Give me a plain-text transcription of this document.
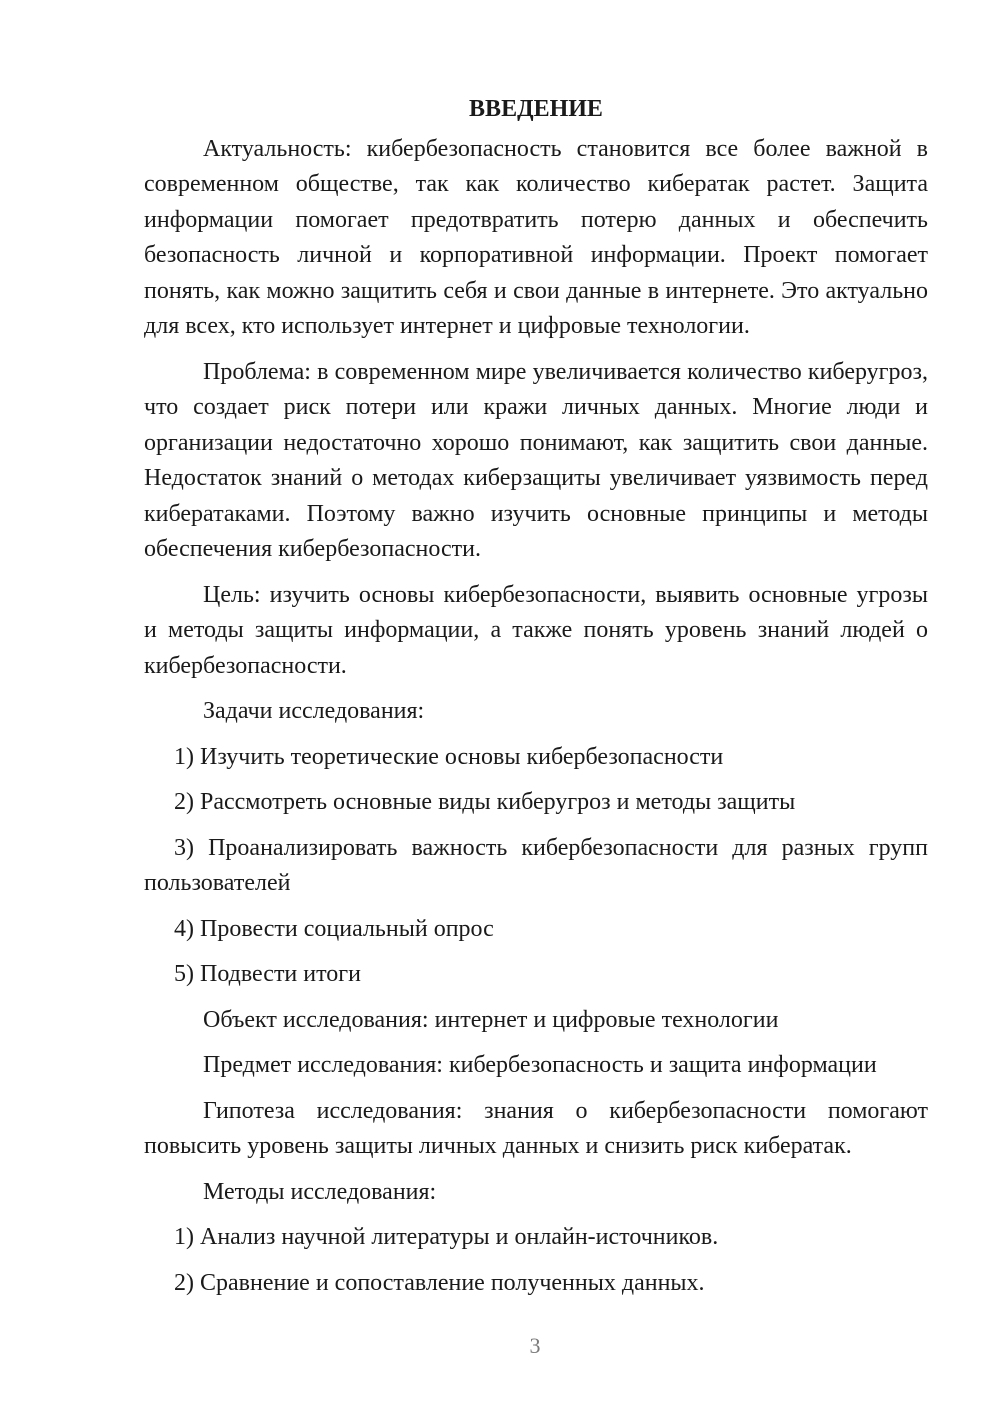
ВВЕДЕНИЕ

Актуальность: кибербезопасность становится все более важной в современном обществе, так как количество кибератак растет. Защита информации помогает предотвратить потерю данных и обеспечить безопасность личной и корпоративной информации. Проект помогает понять, как можно защитить себя и свои данные в интернете. Это актуально для всех, кто использует интернет и цифровые технологии.

Проблема: в современном мире увеличивается количество киберугроз, что создает риск потери или кражи личных данных. Многие люди и организации недостаточно хорошо понимают, как защитить свои данные. Недостаток знаний о методах киберзащиты увеличивает уязвимость перед кибератаками. Поэтому важно изучить основные принципы и методы обеспечения кибербезопасности.

Цель: изучить основы кибербезопасности, выявить основные угрозы и методы защиты информации, а также понять уровень знаний людей о кибербезопасности.

Задачи исследования:

1) Изучить теоретические основы кибербезопасности

2) Рассмотреть основные виды киберугроз и методы защиты

3) Проанализировать важность кибербезопасности для разных групп пользователей

4) Провести социальный опрос

5) Подвести итоги

Объект исследования: интернет и цифровые технологии

Предмет исследования: кибербезопасность и защита информации

Гипотеза исследования: знания о кибербезопасности помогают повысить уровень защиты личных данных и снизить риск кибератак.

Методы исследования:

1) Анализ научной литературы и онлайн-источников.

2) Сравнение и сопоставление полученных данных.

3
